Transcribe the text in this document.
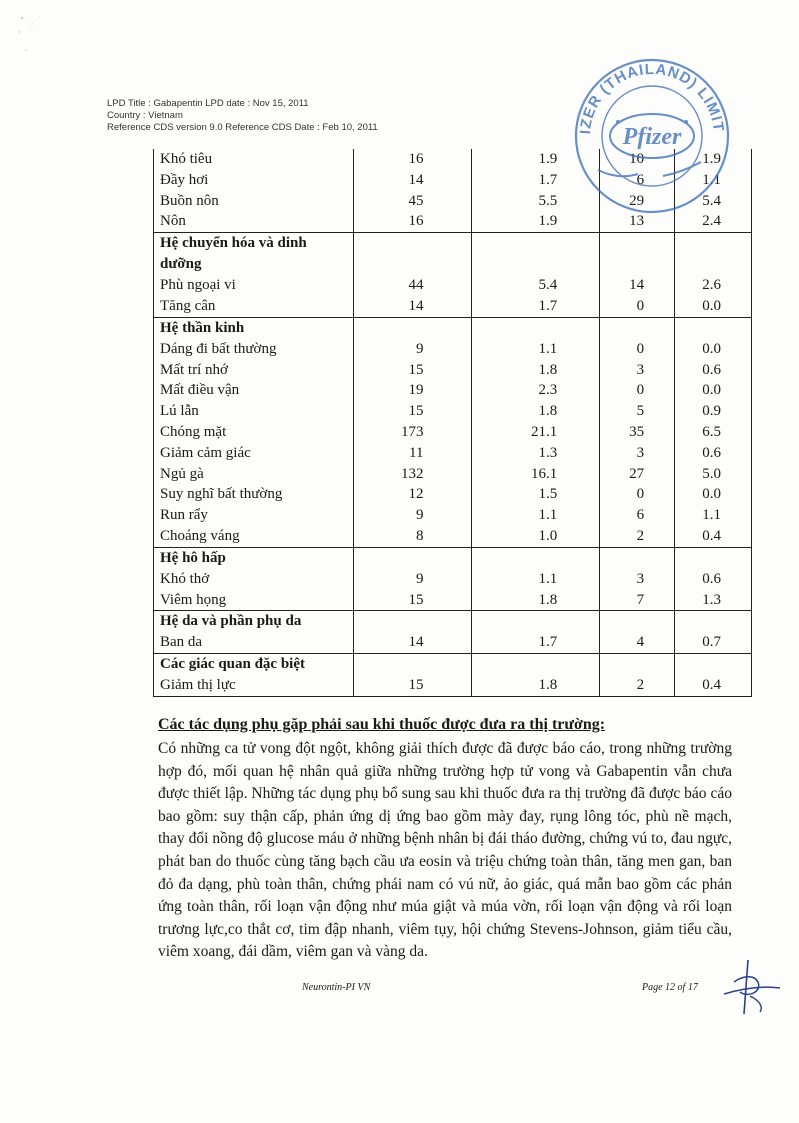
LPD Title : Gabapentin LPD date : Nov 15, 2011
Country : Vietnam
Reference CDS version 9.0 Reference CDS Date : Feb 10, 2011
Khó tiêu	16	1.9	10	1.9
Đầy hơi	14	1.7	6	1.1
Buồn nôn	45	5.5	29	5.4
Nôn	16	1.9	13	2.4
Hệ chuyển hóa và dinh dưỡng				
Phù ngoại vi	44	5.4	14	2.6
Tăng cân	14	1.7	0	0.0
Hệ thần kinh				
Dáng đi bất thường	9	1.1	0	0.0
Mất trí nhớ	15	1.8	3	0.6
Mất điều vận	19	2.3	0	0.0
Lú lẫn	15	1.8	5	0.9
Chóng mặt	173	21.1	35	6.5
Giảm cảm giác	11	1.3	3	0.6
Ngủ gà	132	16.1	27	5.0
Suy nghĩ bất thường	12	1.5	0	0.0
Run rẩy	9	1.1	6	1.1
Choáng váng	8	1.0	2	0.4
Hệ hô hấp				
Khó thở	9	1.1	3	0.6
Viêm họng	15	1.8	7	1.3
Hệ da và phần phụ da				
Ban da	14	1.7	4	0.7
Các giác quan đặc biệt				
Giảm thị lực	15	1.8	2	0.4
IZER (THAILAND) LIMIT
Pfizer
Các tác dụng phụ gặp phải sau khi thuốc được đưa ra thị trường:
Có những ca tử vong đột ngột, không giải thích được đã được báo cáo, trong những trường hợp đó, mối quan hệ nhân quả giữa những trường hợp tử vong và Gabapentin vẫn chưa được thiết lập. Những tác dụng phụ bổ sung sau khi thuốc đưa ra thị trường đã được báo cáo bao gồm: suy thận cấp, phản ứng dị ứng bao gồm mày đay, rụng lông tóc, phù nề mạch, thay đổi nồng độ glucose máu ở những bệnh nhân bị đái tháo đường, chứng vú to, đau ngực, phát ban do thuốc cùng tăng bạch cầu ưa eosin và triệu chứng toàn thân, tăng men gan, ban đỏ đa dạng, phù toàn thân, chứng phái nam có vú nữ, ảo giác, quá mẫn bao gồm các phản ứng toàn thân, rối loạn vận động như múa giật và múa vờn, rối loạn vận động và rối loạn trương lực,co thắt cơ, tim đập nhanh, viêm tụy, hội chứng Stevens-Johnson, giảm tiểu cầu, viêm xoang, đái dầm, viêm gan và vàng da.
Neurontin-PI VN	Page 12 of 17
